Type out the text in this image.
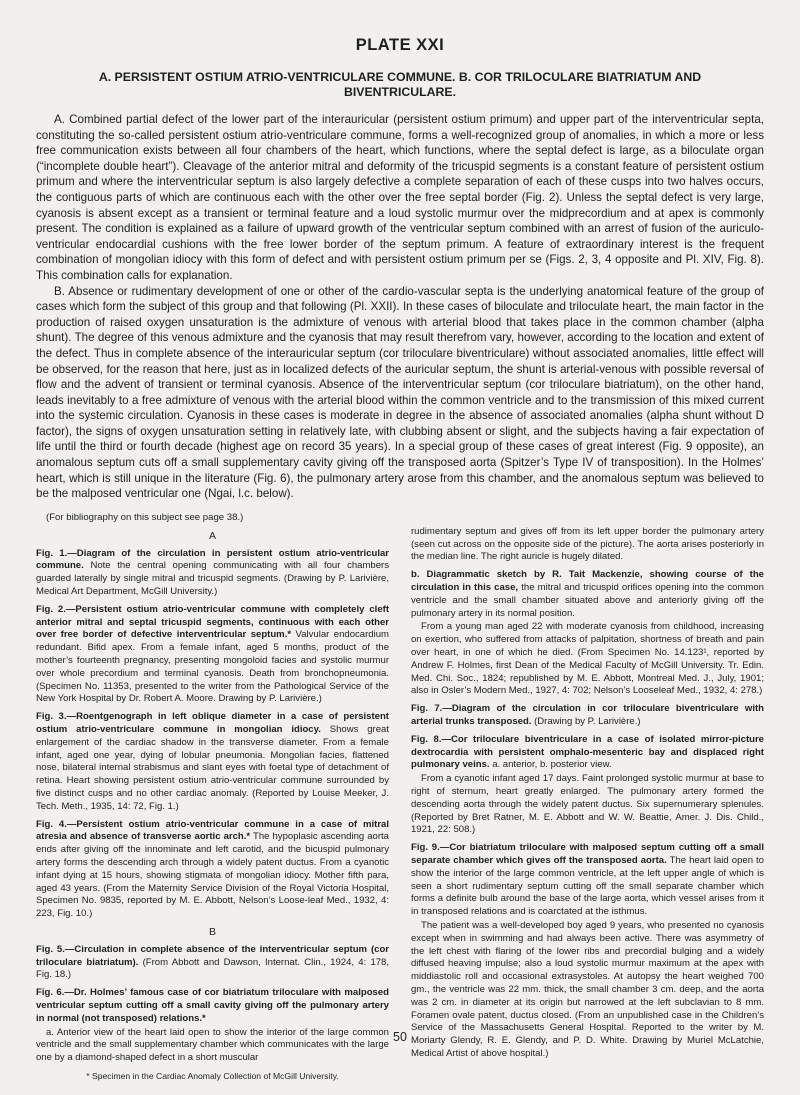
PLATE XXI
A. PERSISTENT OSTIUM ATRIO-VENTRICULARE COMMUNE. B. COR TRILOCULARE BIATRIATUM AND BIVENTRICULARE.

A. Combined partial defect of the lower part of the interauricular (persistent ostium primum) and upper part of the interventricular septa, constituting the so-called persistent ostium atrio-ventriculare commune, forms a well-recognized group of anomalies, in which a more or less free communication exists between all four chambers of the heart, which functions, where the septal defect is large, as a biloculate organ (“incomplete double heart”). Cleavage of the anterior mitral and deformity of the tricuspid segments is a constant feature of persistent ostium primum and where the interventricular septum is also largely defective a complete separation of each of these cusps into two halves occurs, the contiguous parts of which are continuous each with the other over the free septal border (Fig. 2). Unless the septal defect is very large, cyanosis is absent except as a transient or terminal feature and a loud systolic murmur over the midprecordium and at apex is commonly present. The condition is explained as a failure of upward growth of the ventricular septum combined with an arrest of fusion of the auriculo-ventricular endocardial cushions with the free lower border of the septum primum. A feature of extraordinary interest is the frequent combination of mongolian idiocy with this form of defect and with persistent ostium primum per se (Figs. 2, 3, 4 opposite and Pl. XIV, Fig. 8). This combination calls for explanation.

B. Absence or rudimentary development of one or other of the cardio-vascular septa is the underlying anatomical feature of the group of cases which form the subject of this group and that following (Pl. XXII). In these cases of biloculate and triloculate heart, the main factor in the production of raised oxygen unsaturation is the admixture of venous with arterial blood that takes place in the common chamber (alpha shunt). The degree of this venous admixture and the cyanosis that may result therefrom vary, however, according to the location and extent of the defect. Thus in complete absence of the interauricular septum (cor triloculare biventriculare) without associated anomalies, little effect will be observed, for the reason that here, just as in localized defects of the auricular septum, the shunt is arterial-venous with possible reversal of flow and the advent of transient or terminal cyanosis. Absence of the interventricular septum (cor triloculare biatriatum), on the other hand, leads inevitably to a free admixture of venous with the arterial blood within the common ventricle and to the transmission of this mixed current into the systemic circulation. Cyanosis in these cases is moderate in degree in the absence of associated anomalies (alpha shunt without D factor), the signs of oxygen unsaturation setting in relatively late, with clubbing absent or slight, and the subjects having a fair expectation of life until the third or fourth decade (highest age on record 35 years). In a special group of these cases of great interest (Fig. 9 opposite), an anomalous septum cuts off a small supplementary cavity giving off the transposed aorta (Spitzer’s Type IV of transposition). In the Holmes’ heart, which is still unique in the literature (Fig. 6), the pulmonary artery arose from this chamber, and the anomalous septum was believed to be the malposed ventricular one (Ngai, l.c. below).

(For bibliography on this subject see page 38.)
A

Fig. 1.—Diagram of the circulation in persistent ostium atrio-ventricular commune. Note the central opening communicating with all four chambers guarded laterally by single mitral and tricuspid segments. (Drawing by P. Larivière, Medical Art Department, McGill University.)

Fig. 2.—Persistent ostium atrio-ventricular commune with completely cleft anterior mitral and septal tricuspid segments, continuous with each other over free border of defective interventricular septum.* Valvular endocardium redundant. Bifid apex. From a female infant, aged 5 months, product of the mother’s fourteenth pregnancy, presenting mongoloid facies and systolic murmur over whole precordium and terminal cyanosis. Death from bronchopneumonia. (Specimen No. 11353, presented to the writer from the Pathological Service of the New York Hospital by Dr. Robert A. Moore. Drawing by P. Larivière.)

Fig. 3.—Roentgenograph in left oblique diameter in a case of persistent ostium atrio-ventriculare commune in mongolian idiocy. Shows great enlargement of the cardiac shadow in the transverse diameter. From a female infant, aged one year, dying of lobular pneumonia. Mongolian facies, flattened nose, bilateral internal strabismus and slant eyes with foetal type of detachment of retina. Heart showing persistent ostium atrio-ventricular commune surrounded by five distinct cusps and no other cardiac anomaly. (Reported by Louise Meeker, J. Tech. Meth., 1935, 14: 72, Fig. 1.)

Fig. 4.—Persistent ostium atrio-ventricular commune in a case of mitral atresia and absence of transverse aortic arch.* The hypoplasic ascending aorta ends after giving off the innominate and left carotid, and the bicuspid pulmonary artery forms the descending arch through a widely patent ductus. From a cyanotic infant dying at 15 hours, showing stigmata of mongolian idiocy. Mother fifth para, aged 43 years. (From the Maternity Service Division of the Royal Victoria Hospital, Specimen No. 9835, reported by M. E. Abbott, Nelson’s Loose-leaf Med., 1932, 4: 223, Fig. 10.)

B

Fig. 5.—Circulation in complete absence of the interventricular septum (cor triloculare biatriatum). (From Abbott and Dawson, Internat. Clin., 1924, 4: 178, Fig. 18.)

Fig. 6.—Dr. Holmes’ famous case of cor biatriatum triloculare with malposed ventricular septum cutting off a small cavity giving off the pulmonary artery in normal (not transposed) relations.*

a. Anterior view of the heart laid open to show the interior of the large common ventricle and the small supplementary chamber which communicates with the large one by a diamond-shaped defect in a short muscular

* Specimen in the Cardiac Anomaly Collection of McGill University.

rudimentary septum and gives off from its left upper border the pulmonary artery (seen cut across on the opposite side of the picture). The aorta arises posteriorly in the median line. The right auricle is hugely dilated.

b. Diagrammatic sketch by R. Tait Mackenzie, showing course of the circulation in this case, the mitral and tricuspid orifices opening into the common ventricle and the small chamber situated above and anteriorly giving off the pulmonary artery in its normal position.

From a young man aged 22 with moderate cyanosis from childhood, increasing on exertion, who suffered from attacks of palpitation, shortness of breath and pain over heart, in one of which he died. (From Specimen No. 14.123¹, reported by Andrew F. Holmes, first Dean of the Medical Faculty of McGill University. Tr. Edin. Med. Chi. Soc., 1824; republished by M. E. Abbott, Montreal Med. J., July, 1901; also in Osler’s Modern Med., 1927, 4: 702; Nelson’s Looseleaf Med., 1932, 4: 278.)

Fig. 7.—Diagram of the circulation in cor triloculare biventriculare with arterial trunks transposed. (Drawing by P. Larivière.)

Fig. 8.—Cor triloculare biventriculare in a case of isolated mirror-picture dextrocardia with persistent omphalo-mesenteric bay and displaced right pulmonary veins. a. anterior, b. posterior view.

From a cyanotic infant aged 17 days. Faint prolonged systolic murmur at base to right of sternum, heart greatly enlarged. The pulmonary artery formed the descending aorta through the widely patent ductus. Six supernumerary splenules. (Reported by Bret Ratner, M. E. Abbott and W. W. Beattie, Amer. J. Dis. Child., 1921, 22: 508.)

Fig. 9.—Cor biatriatum triloculare with malposed septum cutting off a small separate chamber which gives off the transposed aorta. The heart laid open to show the interior of the large common ventricle, at the left upper angle of which is seen a short rudimentary septum cutting off the small separate chamber which forms a definite bulb around the base of the large aorta, which vessel arises from it in transposed relations and is coarctated at the isthmus.

The patient was a well-developed boy aged 9 years, who presented no cyanosis except when in swimming and had always been active. There was asymmetry of the left chest with flaring of the lower ribs and precordial bulging and a widely diffused heaving impulse; also a loud systolic murmur maximum at the apex with middiastolic roll and occasional extrasystoles. At autopsy the heart weighed 700 gm., the ventricle was 22 mm. thick, the small chamber 3 cm. deep, and the aorta was 2 cm. in diameter at its origin but narrowed at the left subclavian to 8 mm. Foramen ovale patent, ductus closed. (From an unpublished case in the Children’s Service of the Massachusetts General Hospital. Reported to the writer by M. Moriarty Glendy, R. E. Glendy, and P. D. White. Drawing by Muriel McLatchie, Medical Artist of above hospital.)

50
